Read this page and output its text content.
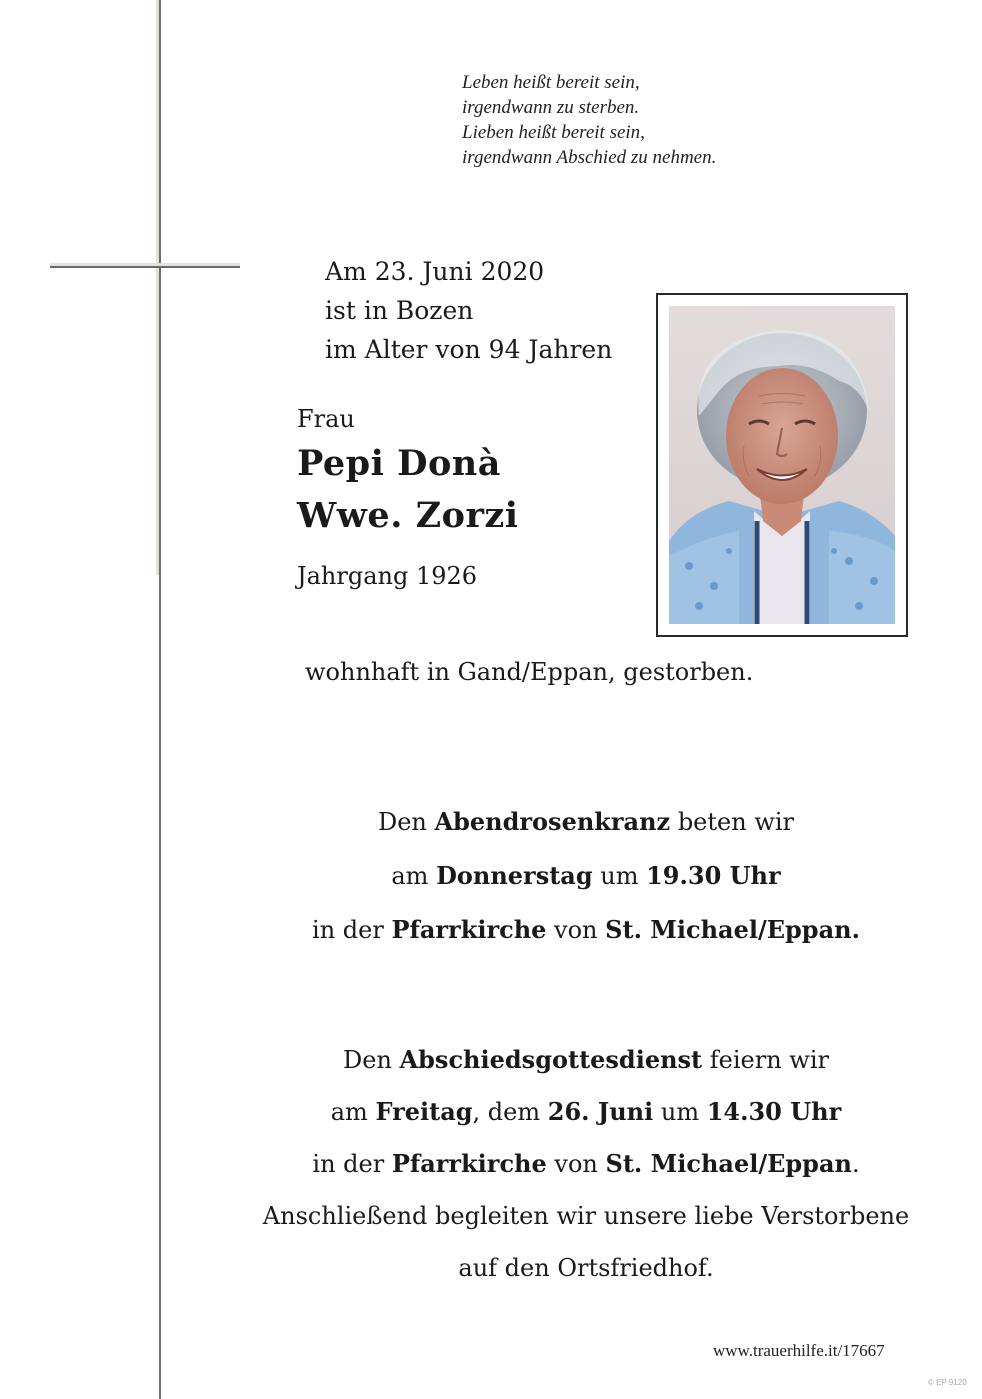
Leben heißt bereit sein,
irgendwann zu sterben.
Lieben heißt bereit sein,
irgendwann Abschied zu nehmen.
Am 23. Juni 2020
ist in Bozen
im Alter von 94 Jahren
Frau
Pepi Donà
Wwe. Zorzi
Jahrgang 1926
wohnhaft in Gand/Eppan, gestorben.
Den Abendrosenkranz beten wir
am Donnerstag um 19.30 Uhr
in der Pfarrkirche von St. Michael/Eppan.
Den Abschiedsgottesdienst feiern wir
am Freitag, dem 26. Juni um 14.30 Uhr
in der Pfarrkirche von St. Michael/Eppan.
Anschließend begleiten wir unsere liebe Verstorbene
auf den Ortsfriedhof.
www.trauerhilfe.it/17667
© EP 9120
